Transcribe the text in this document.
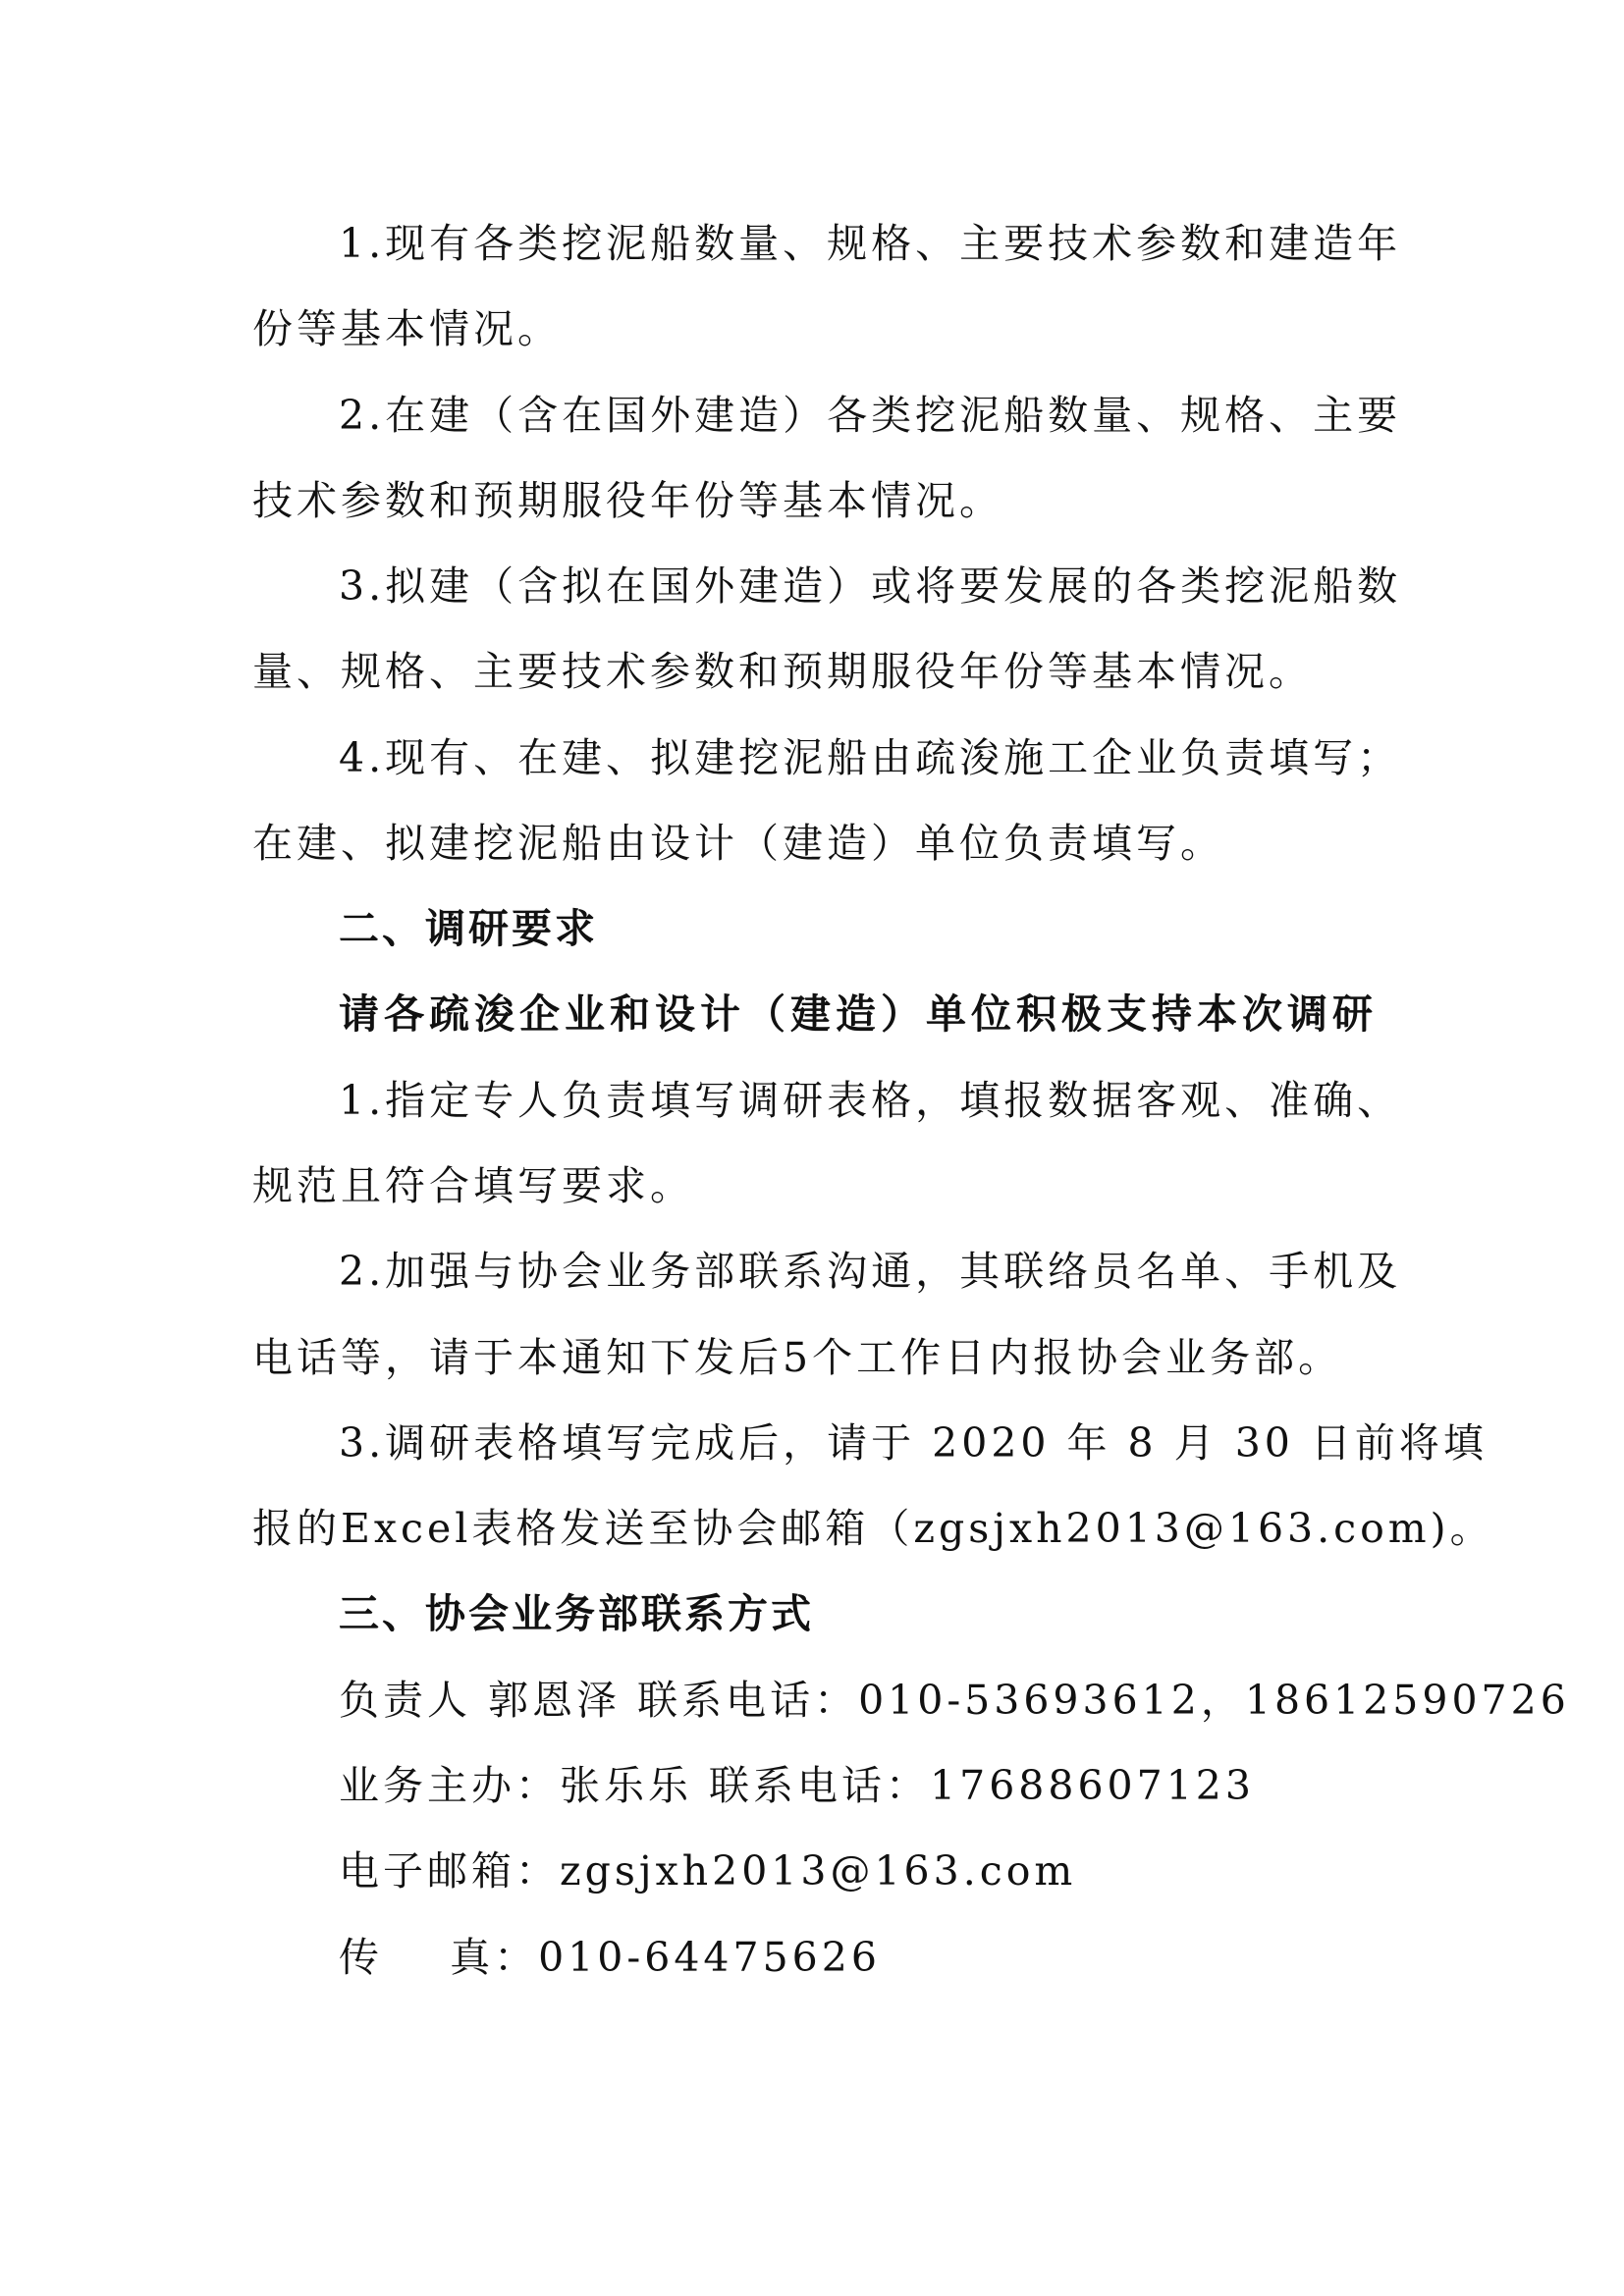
1.现有各类挖泥船数量、规格、主要技术参数和建造年
份等基本情况。
2.在建（含在国外建造）各类挖泥船数量、规格、主要
技术参数和预期服役年份等基本情况。
3.拟建（含拟在国外建造）或将要发展的各类挖泥船数
量、规格、主要技术参数和预期服役年份等基本情况。
4.现有、在建、拟建挖泥船由疏浚施工企业负责填写；
在建、拟建挖泥船由设计（建造）单位负责填写。
二、调研要求
请各疏浚企业和设计（建造）单位积极支持本次调研
1.指定专人负责填写调研表格，填报数据客观、准确、
规范且符合填写要求。
2.加强与协会业务部联系沟通，其联络员名单、手机及
电话等，请于本通知下发后5个工作日内报协会业务部。
3.调研表格填写完成后，请于 2020 年 8 月 30 日前将填
报的Excel表格发送至协会邮箱（zgsjxh2013@163.com)。
三、协会业务部联系方式
负责人 郭恩泽 联系电话：010-53693612，18612590726
业务主办：张乐乐 联系电话：17688607123
电子邮箱：zgsjxh2013@163.com
传    真：010-64475626
